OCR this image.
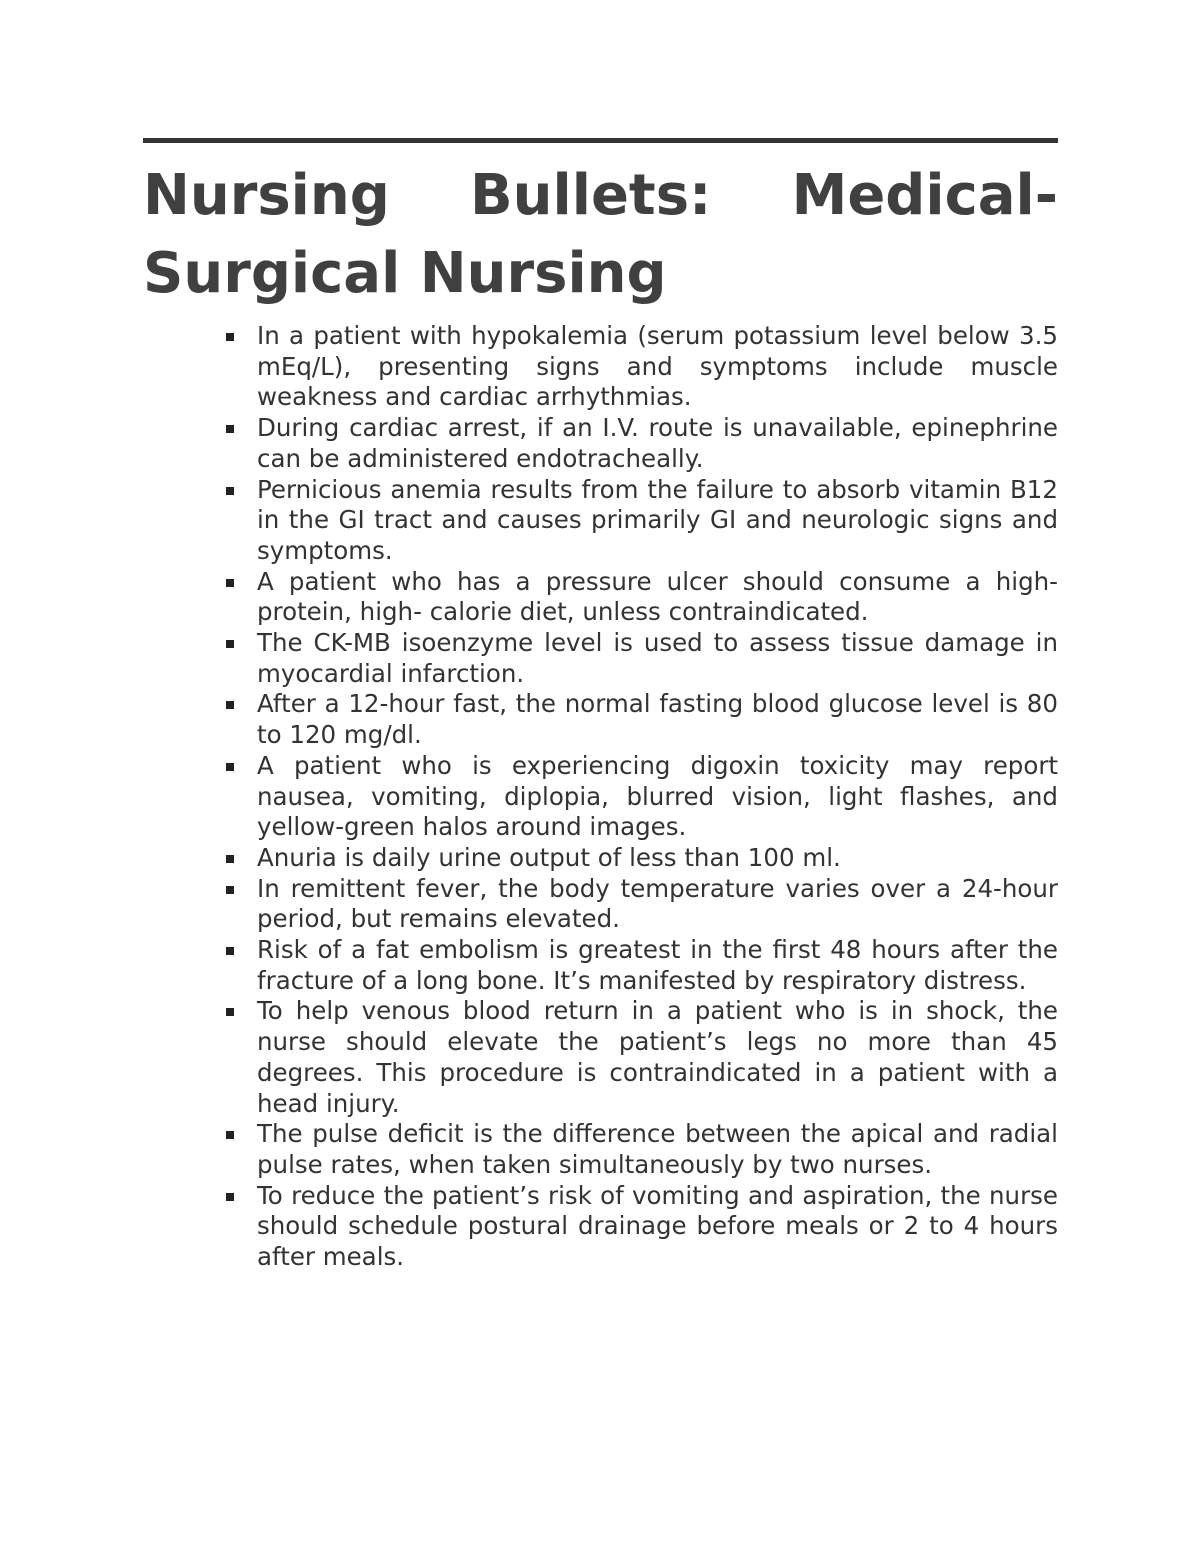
Nursing Bullets: Medical-Surgical Nursing
In a patient with hypokalemia (serum potassium level below 3.5 mEq/L), presenting signs and symptoms include muscle weakness and cardiac arrhythmias.
During cardiac arrest, if an I.V. route is unavailable, epinephrine can be administered endotracheally.
Pernicious anemia results from the failure to absorb vitamin B12 in the GI tract and causes primarily GI and neurologic signs and symptoms.
A patient who has a pressure ulcer should consume a high-protein, high- calorie diet, unless contraindicated.
The CK-MB isoenzyme level is used to assess tissue damage in myocardial infarction.
After a 12-hour fast, the normal fasting blood glucose level is 80 to 120 mg/dl.
A patient who is experiencing digoxin toxicity may report nausea, vomiting, diplopia, blurred vision, light flashes, and yellow-green halos around images.
Anuria is daily urine output of less than 100 ml.
In remittent fever, the body temperature varies over a 24-hour period, but remains elevated.
Risk of a fat embolism is greatest in the first 48 hours after the fracture of a long bone. It’s manifested by respiratory distress.
To help venous blood return in a patient who is in shock, the nurse should elevate the patient’s legs no more than 45 degrees. This procedure is contraindicated in a patient with a head injury.
The pulse deficit is the difference between the apical and radial pulse rates, when taken simultaneously by two nurses.
To reduce the patient’s risk of vomiting and aspiration, the nurse should schedule postural drainage before meals or 2 to 4 hours after meals.
